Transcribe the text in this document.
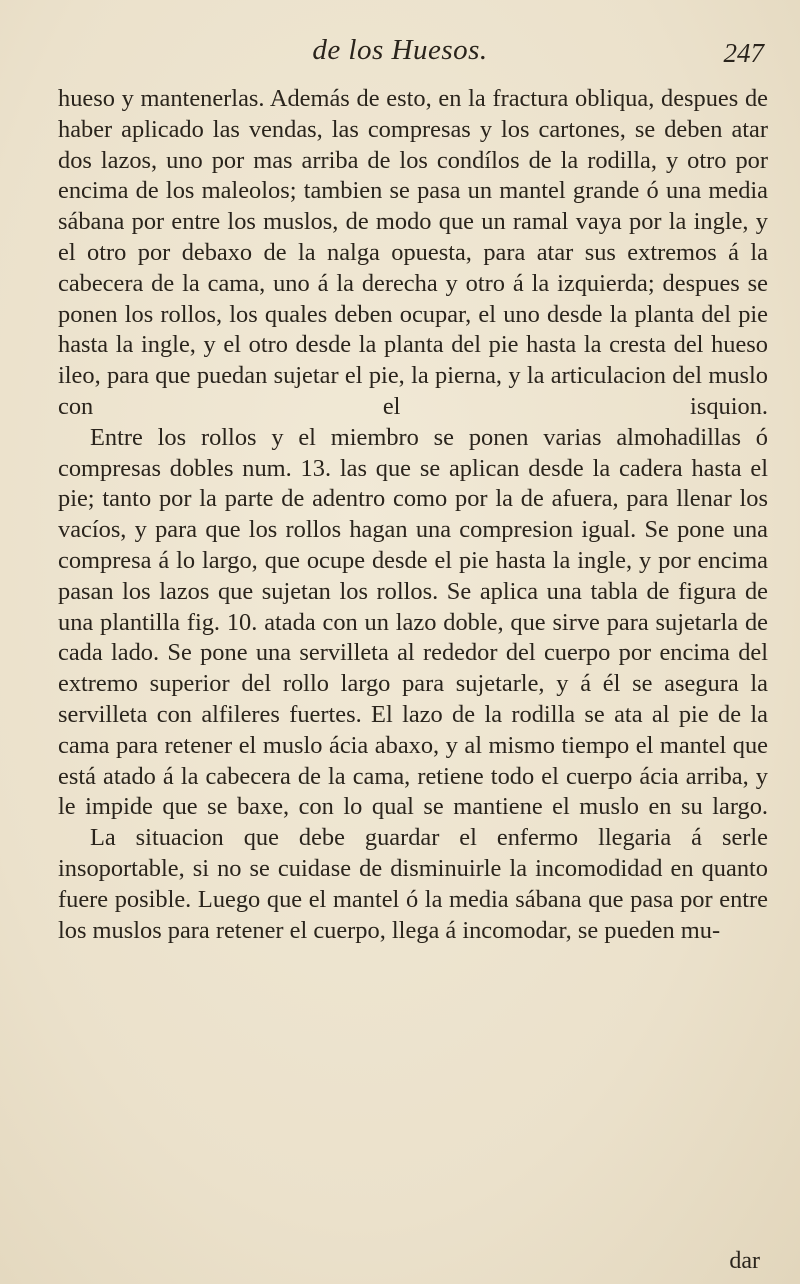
de los Huesos.	247

hueso y mantenerlas. Además de esto, en la fractura obliqua, despues de haber aplicado las vendas, las compresas y los cartones, se deben atar dos lazos, uno por mas arriba de los condílos de la rodilla, y otro por encima de los maleolos; tambien se pasa un mantel grande ó una media sábana por entre los muslos, de modo que un ramal vaya por la ingle, y el otro por debaxo de la nalga opuesta, para atar sus extremos á la cabecera de la cama, uno á la derecha y otro á la izquierda; despues se ponen los rollos, los quales deben ocupar, el uno desde la planta del pie hasta la ingle, y el otro desde la planta del pie hasta la cresta del hueso ileo, para que puedan sujetar el pie, la pierna, y la articulacion del muslo con el isquion.

Entre los rollos y el miembro se ponen varias almohadillas ó compresas dobles num. 13. las que se aplican desde la cadera hasta el pie; tanto por la parte de adentro como por la de afuera, para llenar los vacíos, y para que los rollos hagan una compresion igual. Se pone una compresa á lo largo, que ocupe desde el pie hasta la ingle, y por encima pasan los lazos que sujetan los rollos. Se aplica una tabla de figura de una plantilla fig. 10. atada con un lazo doble, que sirve para sujetarla de cada lado. Se pone una servilleta al rededor del cuerpo por encima del extremo superior del rollo largo para sujetarle, y á él se asegura la servilleta con alfileres fuertes. El lazo de la rodilla se ata al pie de la cama para retener el muslo ácia abaxo, y al mismo tiempo el mantel que está atado á la cabecera de la cama, retiene todo el cuerpo ácia arriba, y le impide que se baxe, con lo qual se mantiene el muslo en su largo.

La situacion que debe guardar el enfermo llegaria á serle insoportable, si no se cuidase de disminuirle la incomodidad en quanto fuere posible. Luego que el mantel ó la media sábana que pasa por entre los muslos para retener el cuerpo, llega á incomodar, se pueden mu-

dar
